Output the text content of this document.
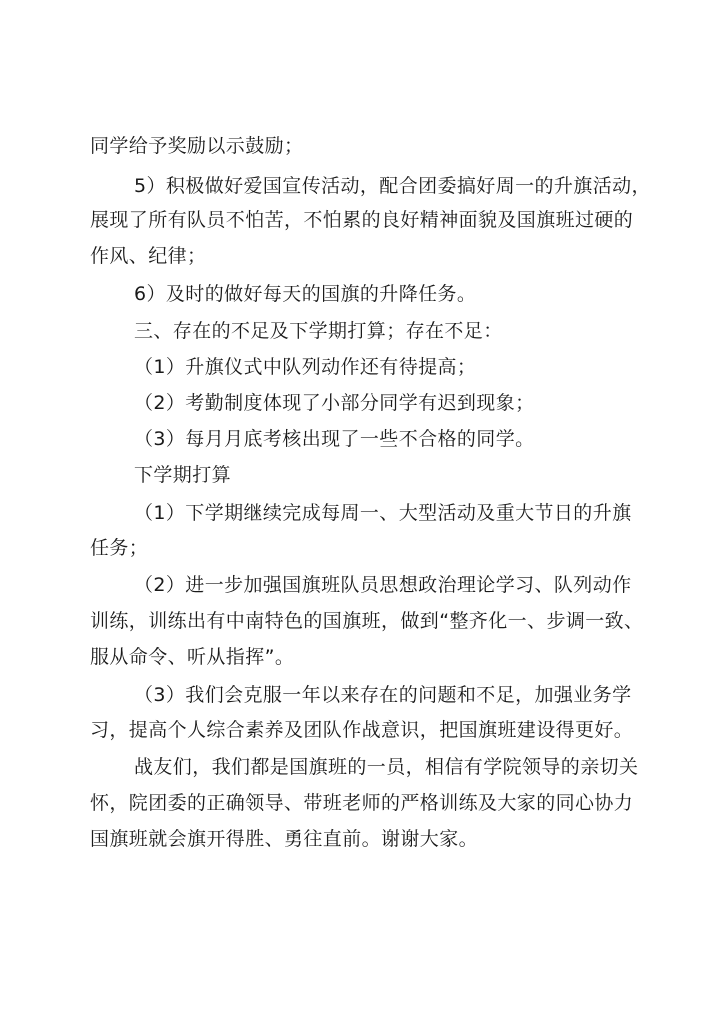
同学给予奖励以示鼓励；

5）积极做好爱国宣传活动，配合团委搞好周一的升旗活动，

展现了所有队员不怕苦，不怕累的良好精神面貌及国旗班过硬的

作风、纪律；

6）及时的做好每天的国旗的升降任务。

三、存在的不足及下学期打算；存在不足：

（1）升旗仪式中队列动作还有待提高；

（2）考勤制度体现了小部分同学有迟到现象；

（3）每月月底考核出现了一些不合格的同学。

下学期打算

（1）下学期继续完成每周一、大型活动及重大节日的升旗

任务；

（2）进一步加强国旗班队员思想政治理论学习、队列动作

训练，训练出有中南特色的国旗班，做到“整齐化一、步调一致、

服从命令、听从指挥”。

（3）我们会克服一年以来存在的问题和不足，加强业务学

习，提高个人综合素养及团队作战意识，把国旗班建设得更好。

战友们，我们都是国旗班的一员，相信有学院领导的亲切关

怀，院团委的正确领导、带班老师的严格训练及大家的同心协力

国旗班就会旗开得胜、勇往直前。谢谢大家。
